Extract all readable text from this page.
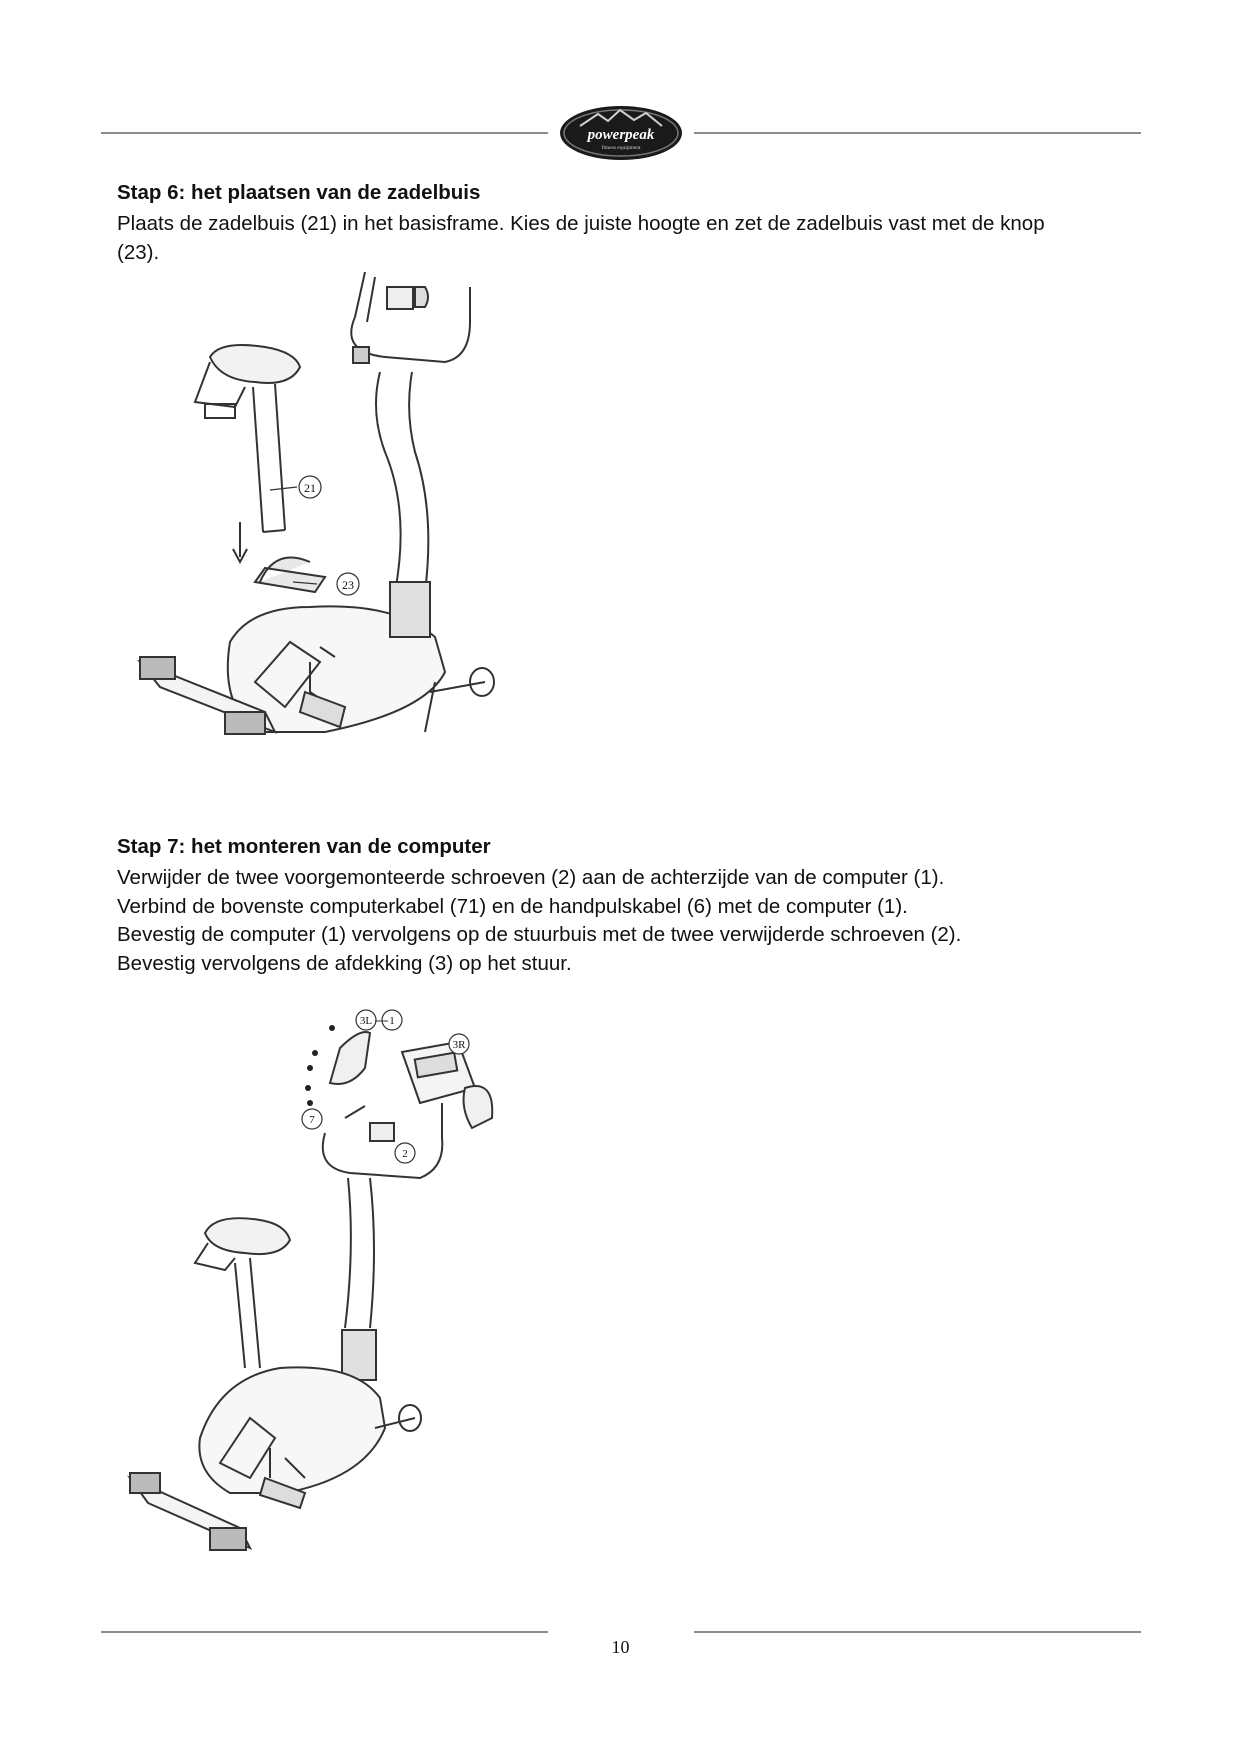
powerpeak
fitness equipment
Stap 6: het plaatsen van de zadelbuis

Plaats de zadelbuis (21) in het basisframe. Kies de juiste hoogte en zet de zadelbuis vast met de knop
(23).

21
23
Stap 7: het monteren van de computer

Verwijder de twee voorgemonteerde schroeven (2) aan de achterzijde van de computer (1).
Verbind de bovenste computerkabel (71) en de handpulskabel (6) met de computer (1).
Bevestig de computer (1) vervolgens op de stuurbuis met de twee verwijderde schroeven (2).
Bevestig vervolgens de afdekking (3) op het stuur.

3L 1
3R
7
2
10
